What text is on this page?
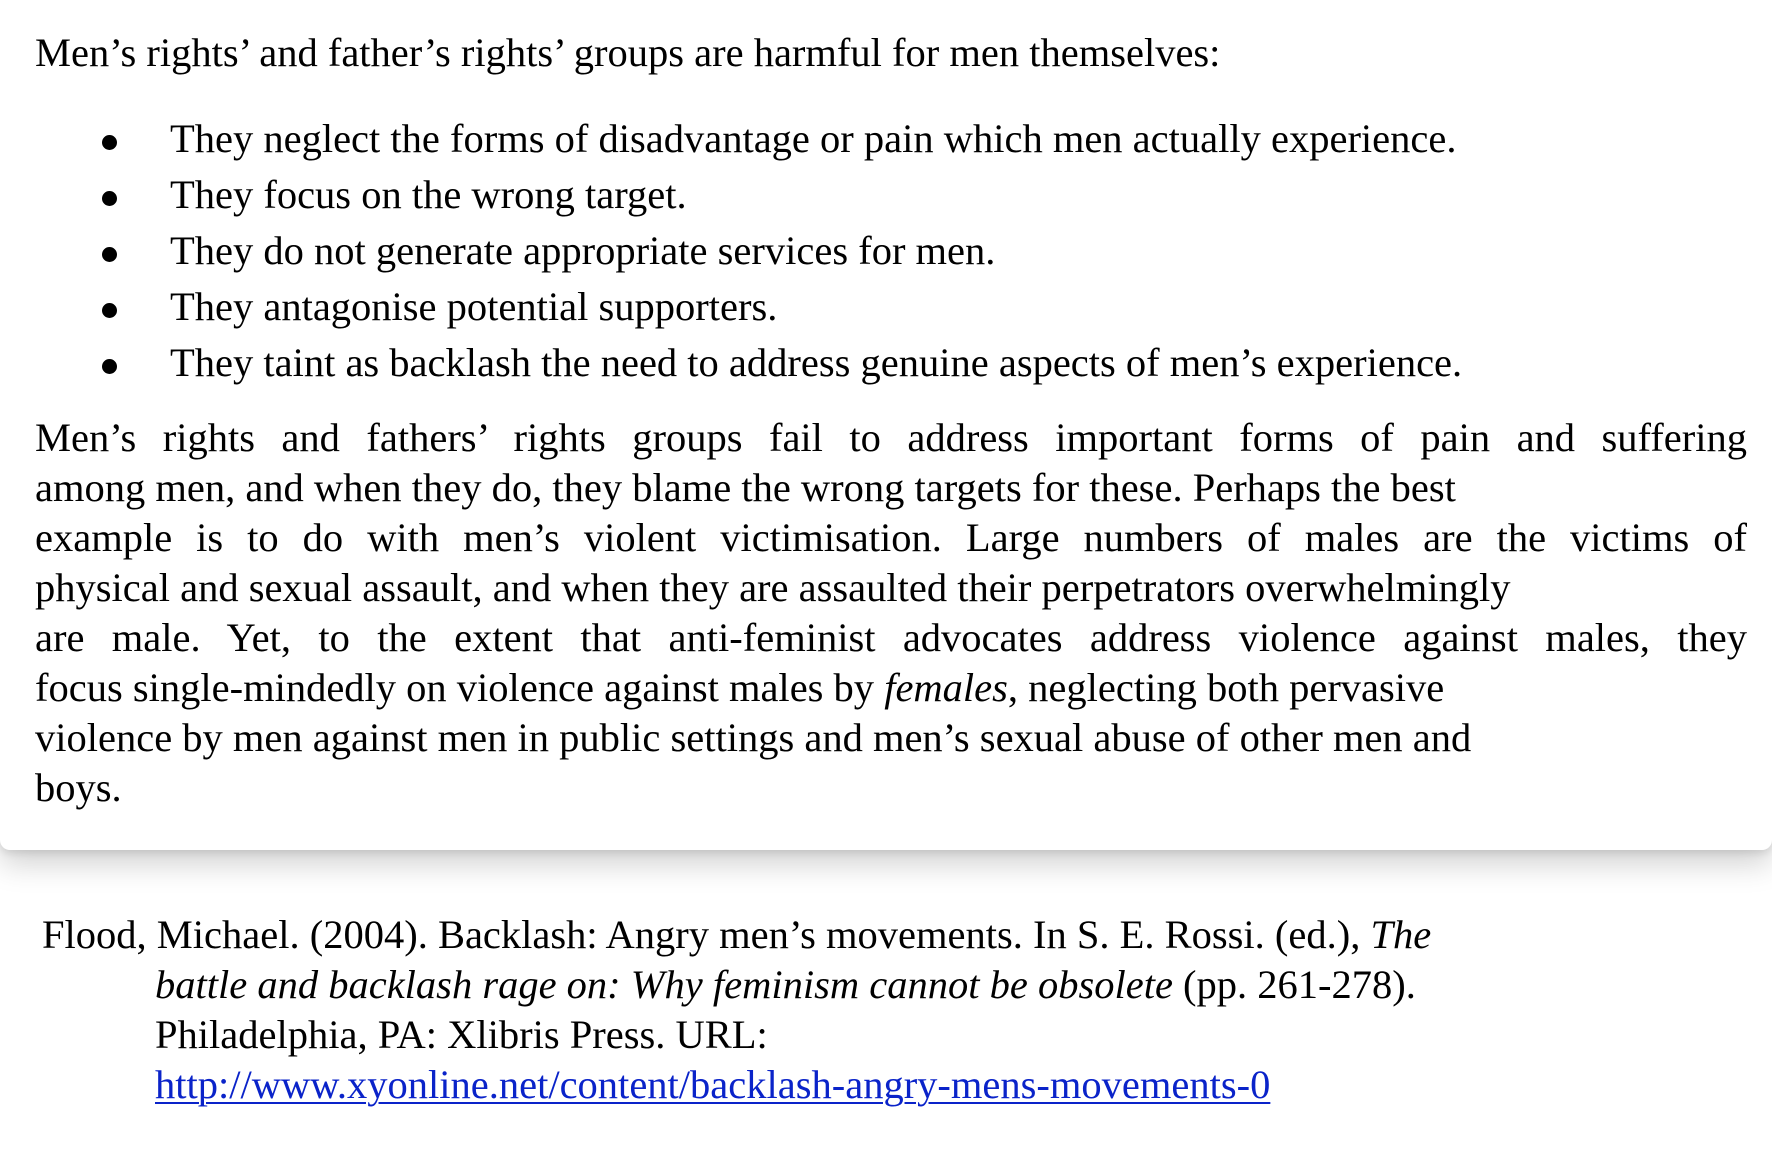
Men’s rights’ and father’s rights’ groups are harmful for men themselves:

They neglect the forms of disadvantage or pain which men actually experience.
They focus on the wrong target.
They do not generate appropriate services for men.
They antagonise potential supporters.
They taint as backlash the need to address genuine aspects of men’s experience.
Men’s rights and fathers’ rights groups fail to address important forms of pain and suffering
among men, and when they do, they blame the wrong targets for these. Perhaps the best
example is to do with men’s violent victimisation. Large numbers of males are the victims of
physical and sexual assault, and when they are assaulted their perpetrators overwhelmingly
are male. Yet, to the extent that anti-feminist advocates address violence against males, they
focus single-mindedly on violence against males by females, neglecting both pervasive
violence by men against men in public settings and men’s sexual abuse of other men and
boys.
Flood, Michael. (2004). Backlash: Angry men’s movements. In S. E. Rossi. (ed.), The
battle and backlash rage on: Why feminism cannot be obsolete (pp. 261-278).
Philadelphia, PA: Xlibris Press. URL:
http://www.xyonline.net/content/backlash-angry-mens-movements-0
